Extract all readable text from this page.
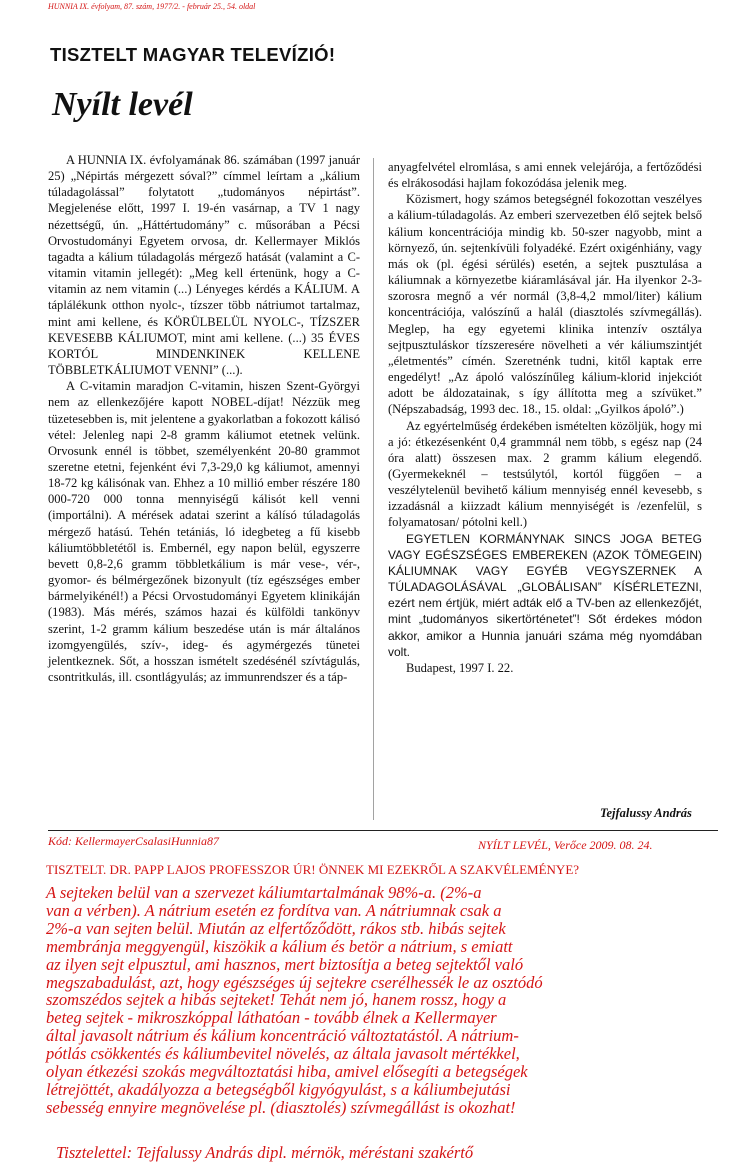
HUNNIA IX. évfolyam, 87. szám, 1977/2. - február 25., 54. oldal
TISZTELT MAGYAR TELEVÍZIÓ!
Nyílt levél

A HUNNIA IX. évfolyamának 86. számában (1997 január 25) „Népirtás mérgezett sóval?” címmel leírtam a „kálium túladagolással” folytatott „tudományos népirtást”. Megjelenése előtt, 1997 I. 19-én vasárnap, a TV 1 nagy nézettségű, ún. „Háttértudomány” c. műsorában a Pécsi Orvostudományi Egyetem orvosa, dr. Kellermayer Miklós tagadta a kálium túladagolás mérgező hatását (valamint a C-vitamin vitamin jellegét): „Meg kell értenünk, hogy a C-vitamin az nem vitamin (...) Lényeges kérdés a KÁLIUM. A táplálékunk otthon nyolc-, tízszer több nátriumot tartalmaz, mint ami kellene, és KÖRÜLBELÜL NYOLC-, TÍZSZER KEVESEBB KÁLIUMOT, mint ami kellene. (...) 35 ÉVES KORTÓL MINDENKINEK KELLENE TÖBBLETKÁLIUMOT VENNI” (...).

A C-vitamin maradjon C-vitamin, hiszen Szent-Györgyi nem az ellenkezőjére kapott NOBEL-díjat! Nézzük meg tüzetesebben is, mit jelentene a gyakorlatban a fokozott kálisó vétel: Jelenleg napi 2-8 gramm káliumot etetnek velünk. Orvosunk ennél is többet, személyenként 20-80 grammot szeretne etetni, fejenként évi 7,3-29,0 kg káliumot, amennyi 18-72 kg kálisónak van. Ehhez a 10 millió ember részére 180 000-720 000 tonna mennyiségű kálisót kell venni (importálni). A mérések adatai szerint a kálísó túladagolás mérgező hatású. Tehén tetániás, ló idegbeteg a fű kisebb káliumtöbbletétől is. Embernél, egy napon belül, egyszerre bevett 0,8-2,6 gramm többletkálium is már vese-, vér-, gyomor- és bélmérgezőnek bizonyult (tíz egészséges ember bármelyikénél!) a Pécsi Orvostudományi Egyetem klinikáján (1983). Más mérés, számos hazai és külföldi tankönyv szerint, 1-2 gramm kálium beszedése után is már általános izomgyengülés, szív-, ideg- és agymérgezés tünetei jelentkeznek. Sőt, a hosszan ismételt szedésénél szívtágulás, csontritkulás, ill. csontlágyulás; az immunrendszer és a táp-

anyagfelvétel elromlása, s ami ennek velejárója, a fertőződési és elrákosodási hajlam fokozódása jelenik meg.

Közismert, hogy számos betegségnél fokozottan veszélyes a kálium-túladagolás. Az emberi szervezetben élő sejtek belső kálium koncentrációja mindig kb. 50-szer nagyobb, mint a környező, ún. sejtenkívüli folyadéké. Ezért oxigénhiány, vagy más ok (pl. égési sérülés) esetén, a sejtek pusztulása a káliumnak a környezetbe kiáramlásával jár. Ha ilyenkor 2-3-szorosra megnő a vér normál (3,8-4,2 mmol/liter) kálium koncentrációja, valószínű a halál (diasztolés szívmegállás). Meglep, ha egy egyetemi klinika intenzív osztálya sejtpusztuláskor tízszeresére növelheti a vér káliumszintjét „életmentés” címén. Szeretnénk tudni, kitől kaptak erre engedélyt! „Az ápoló valószínűleg kálium-klorid injekciót adott be áldozatainak, s így állította meg a szívüket.” (Népszabadság, 1993 dec. 18., 15. oldal: „Gyilkos ápoló”.)

Az egyértelműség érdekében ismételten közöljük, hogy mi a jó: étkezésenként 0,4 grammnál nem több, s egész nap (24 óra alatt) összesen max. 2 gramm kálium elegendő. (Gyermekeknél – testsúlytól, kortól függően – a veszélytelenül bevihető kálium mennyiség ennél kevesebb, s izzadásnál a kiizzadt kálium mennyiségét is /ezenfelül, s folyamatosan/ pótolni kell.)

EGYETLEN KORMÁNYNAK SINCS JOGA BETEG VAGY EGÉSZSÉGES EMBEREKEN (AZOK TÖMEGEIN) KÁLIUMNAK VAGY EGYÉB VEGYSZERNEK A TÚLADAGOLÁSÁVAL „GLOBÁLISAN” KÍSÉRLETEZNI, ezért nem értjük, miért adták elő a TV-ben az ellenkezőjét, mint „tudományos sikertörténetet”! Sőt érdekes módon akkor, amikor a Hunnia januári száma még nyomdában volt.

Budapest, 1997 I. 22.

Tejfalussy András
Kód: KellermayerCsalasiHunnia87	NYÍLT LEVÉL, Verőce 2009. 08. 24.
TISZTELT. DR. PAPP LAJOS PROFESSZOR ÚR! ÖNNEK MI EZEKRŐL A SZAKVÉLEMÉNYE?

A sejteken belül van a szervezet káliumtartalmának 98%-a. (2%-a

van a vérben). A nátrium esetén ez fordítva van. A nátriumnak csak a

2%-a van sejten belül. Miután az elfertőződött, rákos stb. hibás sejtek

membránja meggyengül, kiszökik a kálium és betör a nátrium, s emiatt

az ilyen sejt elpusztul, ami hasznos, mert biztosítja a beteg sejtektől való

megszabadulást, azt, hogy egészséges új sejtekre cserélhessék le az osztódó

szomszédos sejtek a hibás sejteket! Tehát nem jó, hanem rossz, hogy a

beteg sejtek - mikroszkóppal láthatóan - tovább élnek a Kellermayer

által javasolt nátrium és kálium koncentráció változtatástól. A nátrium-

pótlás csökkentés és káliumbevitel növelés, az általa javasolt mértékkel,

olyan étkezési szokás megváltoztatási hiba, amivel elősegíti a betegségek

létrejöttét, akadályozza a betegségből kigyógyulást, s a káliumbejutási

sebesség ennyire megnövelése pl. (diasztolés) szívmegállást is okozhat!

Tisztelettel: Tejfalussy András dipl. mérnök, méréstani szakértő
